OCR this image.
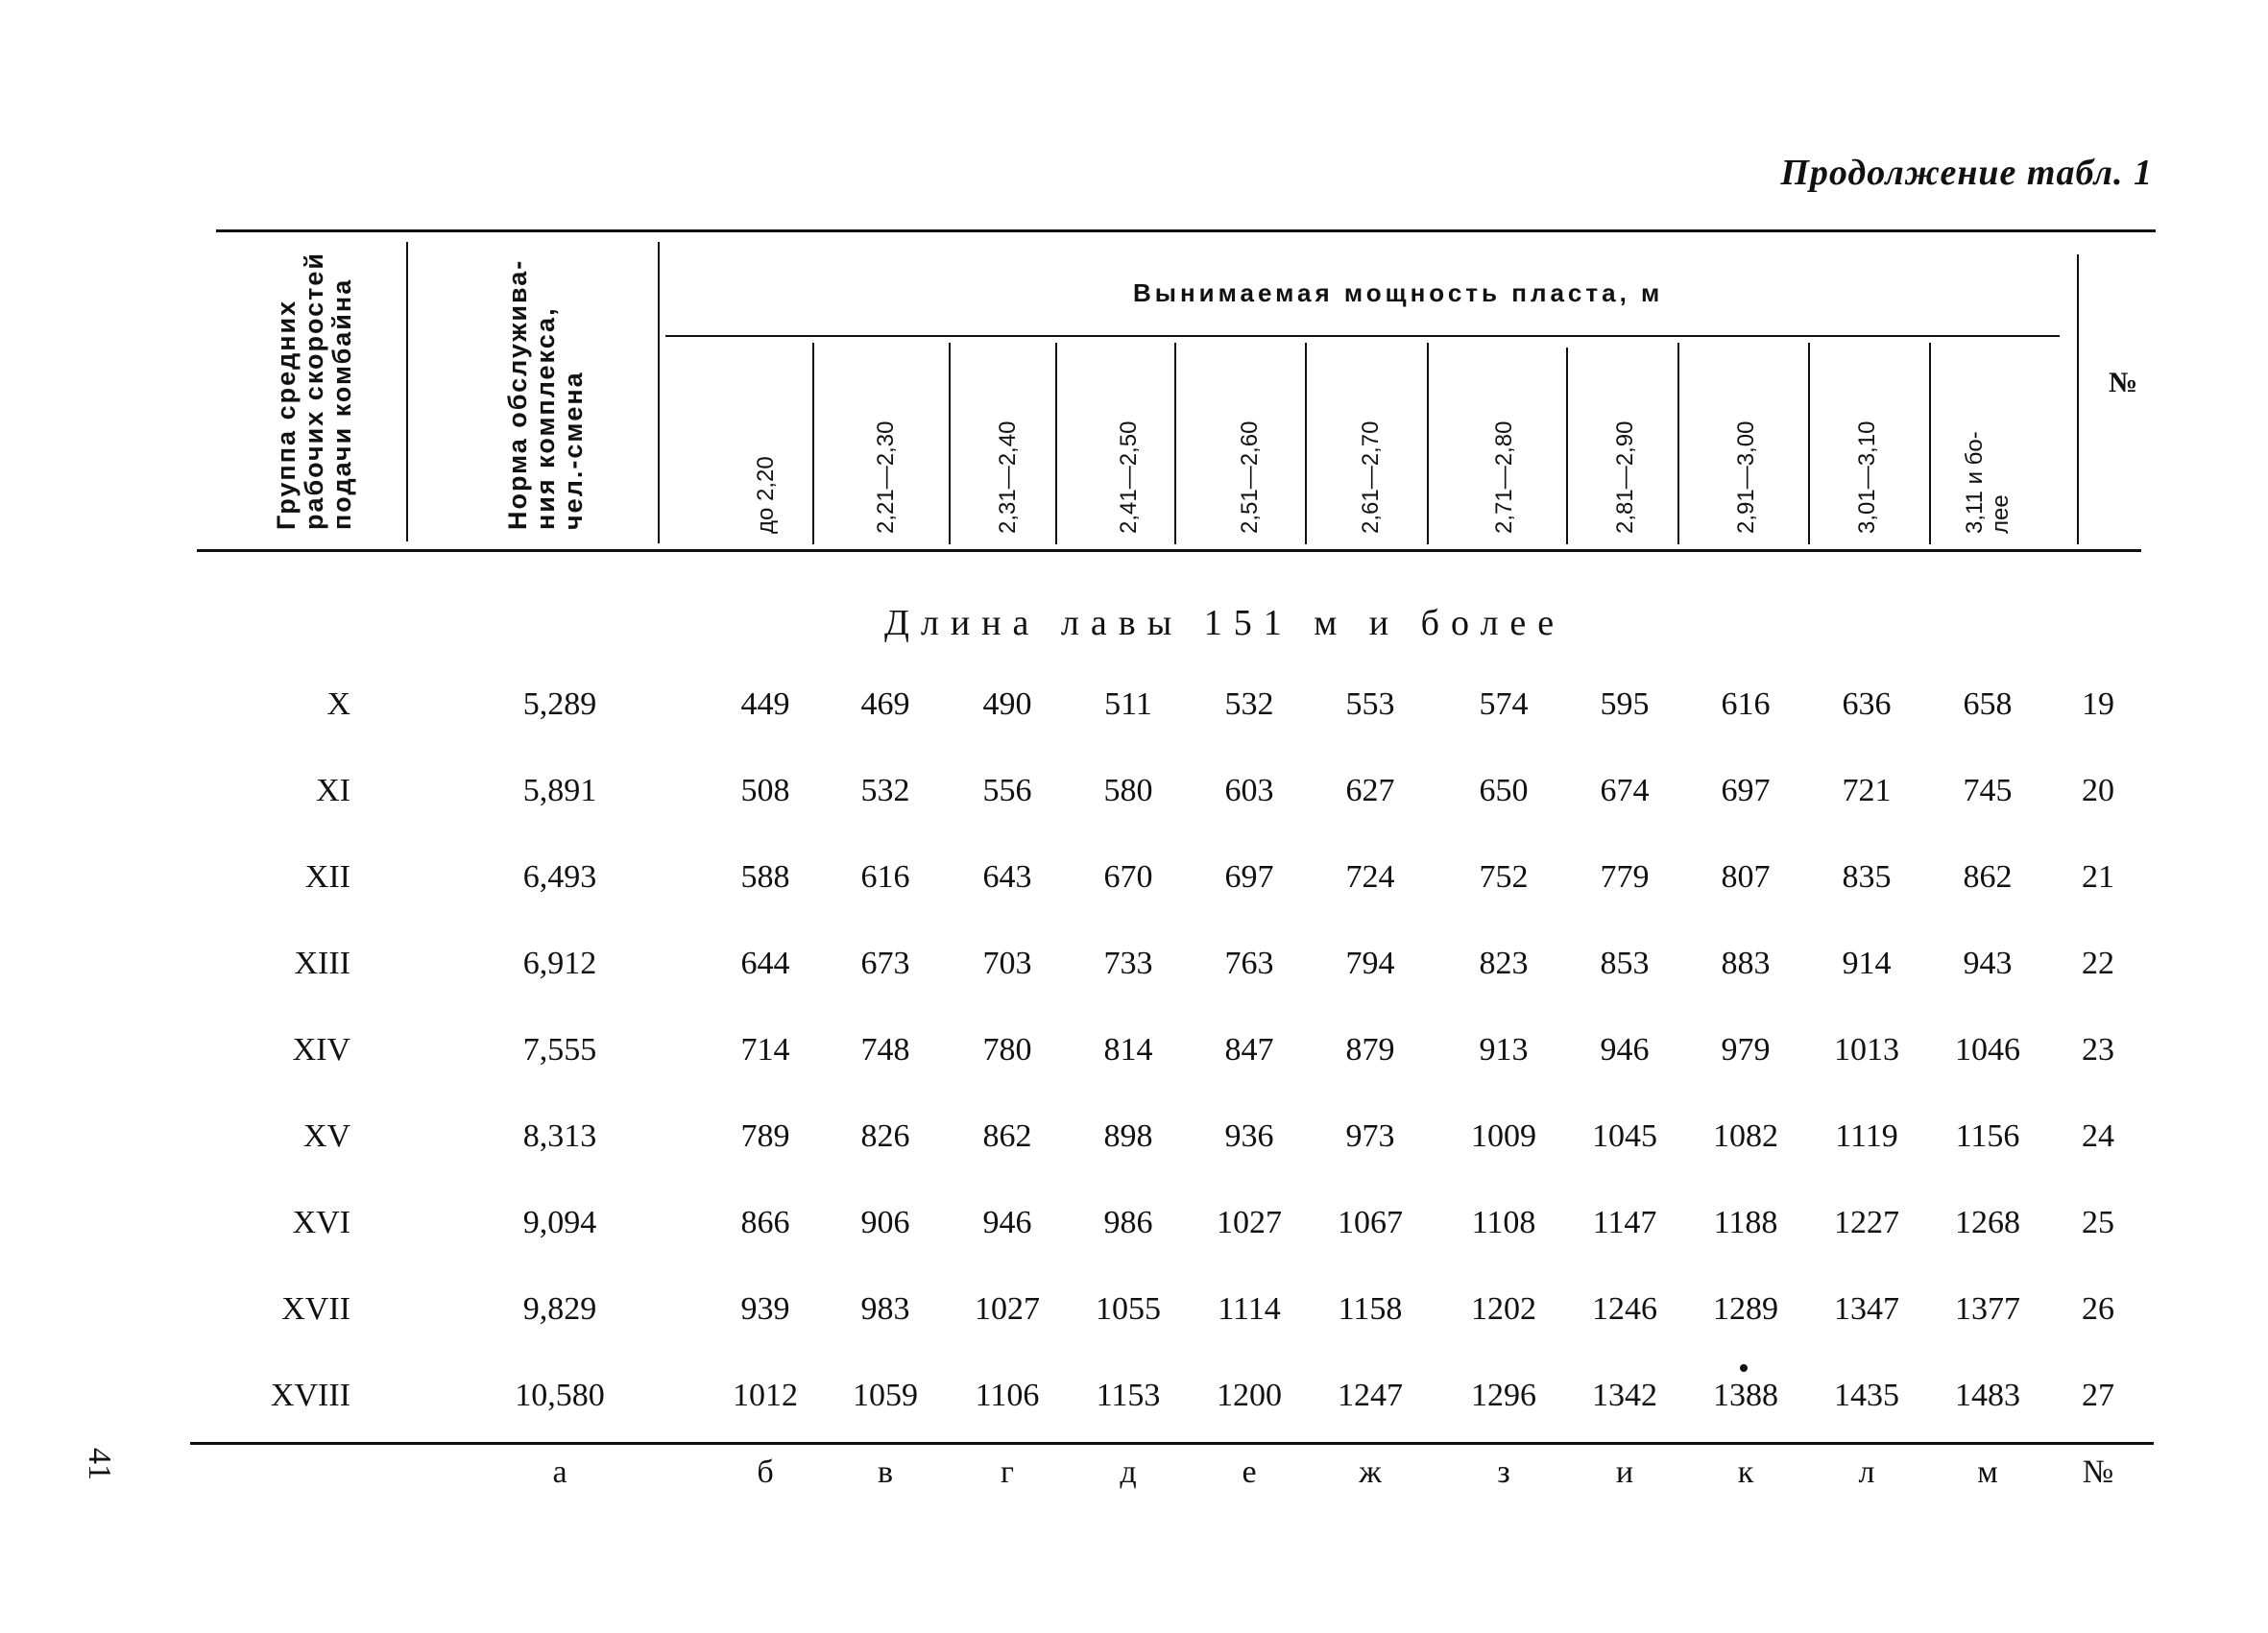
Продолжение табл. 1
Группа средних рабочих скоростей подачи комбайна	Норма обслужива- ния комплекса, чел.-смена
Вынимаемая мощность пласта, м
№
до 2,20	2,21—2,30	2,31—2,40	2,41—2,50	2,51—2,60	2,61—2,70	2,71—2,80	2,81—2,90	2,91—3,00	3,01—3,10	3,11 и бо- лее
Длина лавы 151 м и более
X	5,289	449 469 490 511 532 553	574 595 616 636 658 19
XI	5,891	508 532 556 580 603 627	650 674 697 721 745 20
XII	6,493	588 616 643 670 697 724	752 779 807 835 862 21
XIII	6,912	644 673 703 733 763 794	823 853 883 914 943 22
XIV	7,555	714 748 780 814 847 879	913 946 979 1013 1046 23
XV	8,313	789 826 862 898 936 973 1009 1045 1082 1119 1156 24
XVI	9,094	866 906 946 986 1027 1067 1108 1147 1188 1227 1268 25
XVII	9,829	939 983 1027 1055 1114 1158 1202 1246 1289 1347 1377 26
XVIII	10,580	1012 1059 1106 1153 1200 1247 1296 1342 1388 1435 1483 27
а	б	в	г	д	е	ж	з	и	к	л	м	№
41
